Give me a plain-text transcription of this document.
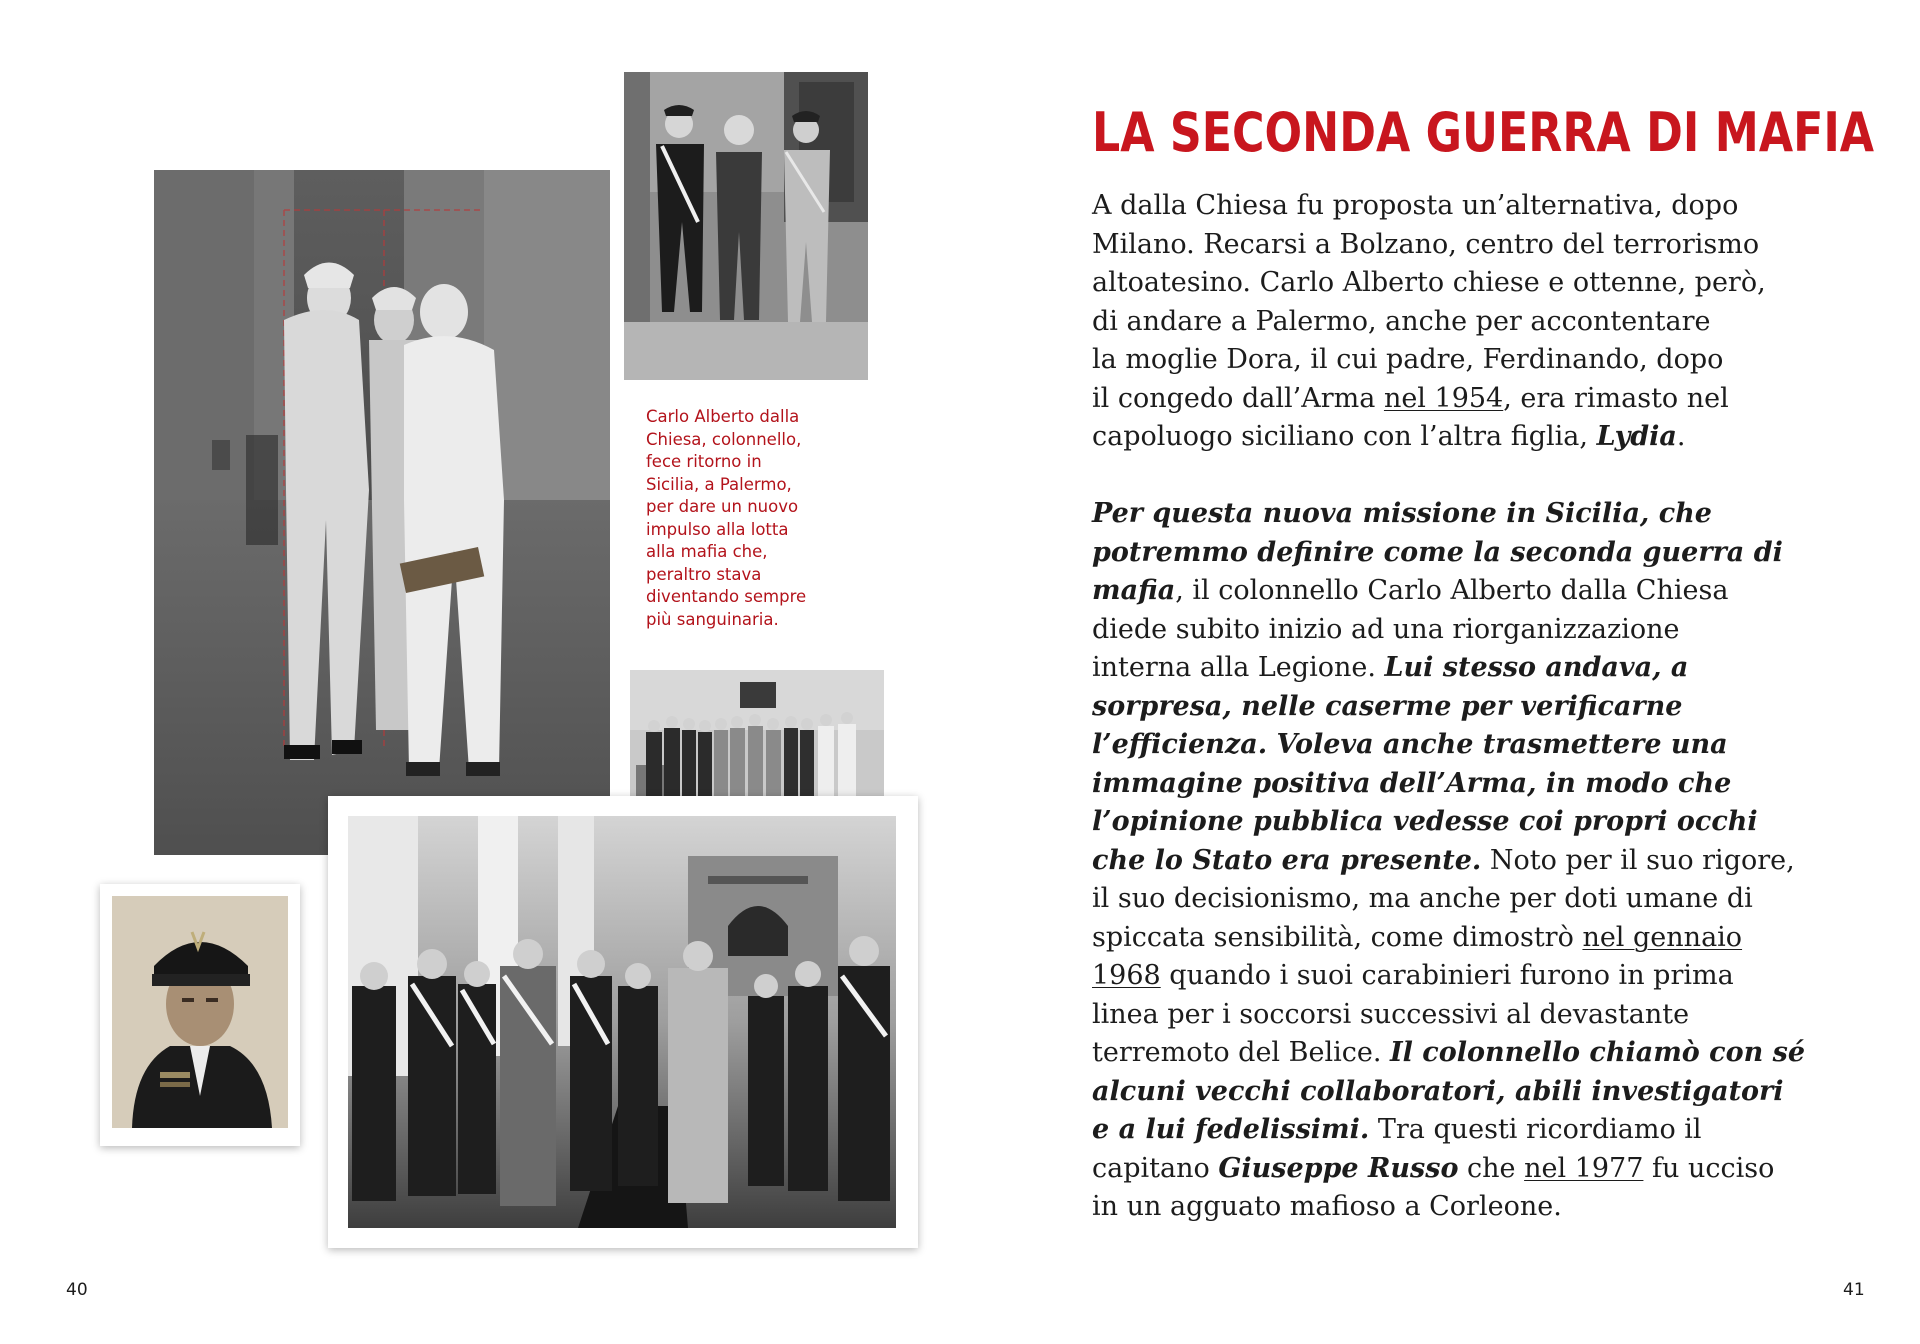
Carlo Alberto dalla
Chiesa, colonnello,
fece ritorno in
Sicilia, a Palermo,
per dare un nuovo
impulso alla lotta
alla mafia che,
peraltro stava
diventando sempre
più sanguinaria.

40
LA SECONDA GUERRA DI MAFIA
A dalla Chiesa fu proposta un’alternativa, dopo
Milano. Recarsi a Bolzano, centro del terrorismo
altoatesino. Carlo Alberto chiese e ottenne, però,
di andare a Palermo, anche per accontentare
la moglie Dora, il cui padre, Ferdinando, dopo
il congedo dall’Arma nel 1954, era rimasto nel
capoluogo siciliano con l’altra figlia, Lydia.
Per questa nuova missione in Sicilia, che
potremmo definire come la seconda guerra di
mafia, il colonnello Carlo Alberto dalla Chiesa
diede subito inizio ad una riorganizzazione
interna alla Legione. Lui stesso andava, a
sorpresa, nelle caserme per verificarne
l’efficienza. Voleva anche trasmettere una
immagine positiva dell’Arma, in modo che
l’opinione pubblica vedesse coi propri occhi
che lo Stato era presente. Noto per il suo rigore,
il suo decisionismo, ma anche per doti umane di
spiccata sensibilità, come dimostrò nel gennaio
1968 quando i suoi carabinieri furono in prima
linea per i soccorsi successivi al devastante
terremoto del Belice. Il colonnello chiamò con sé
alcuni vecchi collaboratori, abili investigatori
e a lui fedelissimi. Tra questi ricordiamo il
capitano Giuseppe Russo che nel 1977 fu ucciso
in un agguato mafioso a Corleone.
41
